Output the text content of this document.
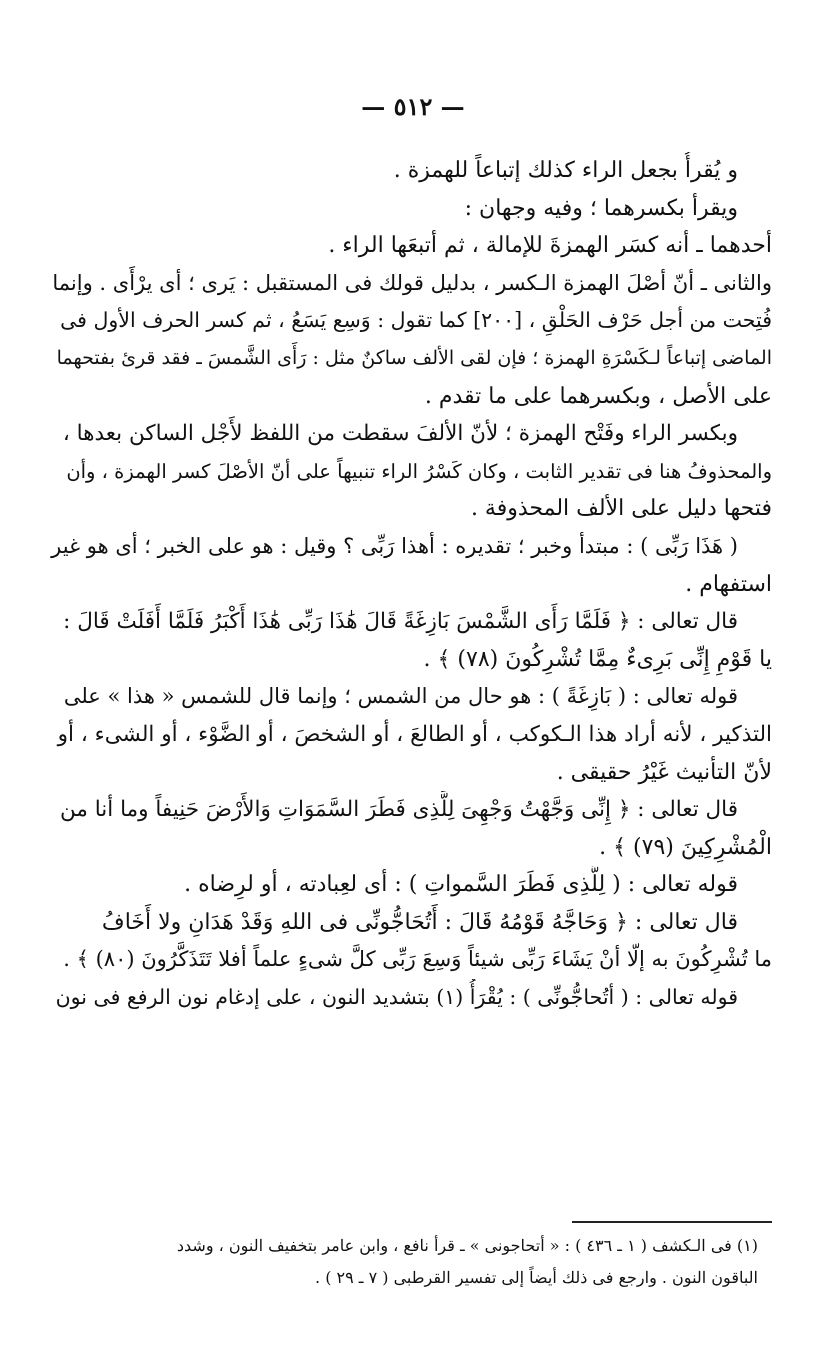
— ٥١٢ —
و يُقرأُ بجعل الراء كذلك إتباعاً للهمزة .
ويقرأ بكسرهما ؛ وفيه وجهان :
أحدهما ـ أنه كسَر الهمزةَ للإمالة ، ثم أتبعَها الراء .
والثانى ـ أنّ أصْلَ الهمزة الـكسر ، بدليل قولك فى المستقبل : يَرى ؛ أى يرْأَى . وإنما
فُتِحت من أجل حَرْف الحَلْقِ ، [٢٠٠] كما تقول : وَسِع يَسَعُ ، ثم كسر الحرف الأول فى
الماضى إتباعاً لـكَسْرَةِ الهمزة ؛ فإن لقى الألف ساكنٌ مثل : رَأَى الشَّمسَ ـ فقد قرئ بفتحهما
على الأصل ، وبكسرهما على ما تقدم .
وبكسر الراء وفَتْح الهمزة ؛ لأنّ الألفَ سقطت من اللفظ لأَجْل الساكن بعدها ،
والمحذوفُ هنا فى تقدير الثابت ، وكان كَسْرُ الراء تنبيهاً على أنّ الأصْلَ كسر الهمزة ، وأن
فتحها دليل على الألف المحذوفة .
( هَذَا رَبِّى ) : مبتدأ وخبر ؛ تقديره : أهذا رَبِّى ؟ وقيل : هو على الخبر ؛ أى هو غير
استفهام .
قال تعالى : ﴿ فَلَمَّا رَأَى الشَّمْسَ بَازِغَةً قَالَ هَٰذَا رَبِّى هَٰذَا أَكْبَرُ فَلَمَّا أَفَلَتْ قَالَ :
يا قَوْمِ إِنِّى بَرِىءٌ مِمَّا تُشْرِكُونَ (٧٨) ﴾ .
قوله تعالى : ( بَازِغَةً ) : هو حال من الشمس ؛ وإنما قال للشمس « هذا » على
التذكير ، لأنه أراد هذا الـكوكب ، أو الطالعَ ، أو الشخصَ ، أو الضَّوْء ، أو الشىء ، أو
لأنّ التأنيث غَيْرُ حقيقى .
قال تعالى : ﴿ إِنِّى وَجَّهْتُ وَجْهِىَ لِلَّذِى فَطَرَ السَّمَوَاتِ وَالأَرْضَ حَنِيفاً وما أنا من
الْمُشْرِكِينَ (٧٩) ﴾ .
قوله تعالى : ( لِلَّذِى فَطَرَ السَّمواتِ ) : أى لعِبادته ، أو لرِضاه .
قال تعالى : ﴿ وَحَاجَّهُ قَوْمُهُ قَالَ : أَتُحَاجُّونِّى فى اللهِ وَقَدْ هَدَانِ ولا أَخَافُ
ما تُشْرِكُونَ به إلّا أنْ يَشَاءَ رَبِّى شيئاً وَسِعَ رَبِّى كلَّ شىءٍ علماً أفلا تَتَذَكَّرُونَ (٨٠) ﴾ .
قوله تعالى : ( أتُحاجُّونِّى ) : يُقْرَأُ (١) بتشديد النون ، على إدغام نون الرفع فى نون
(١) فى الـكشف ( ١ ـ ٤٣٦ ) : « أتحاجونى » ـ قرأ نافع ، وابن عامر بتخفيف النون ، وشدد
الباقون النون . وارجع فى ذلك أيضاً إلى تفسير القرطبى ( ٧ ـ ٢٩ ) .
